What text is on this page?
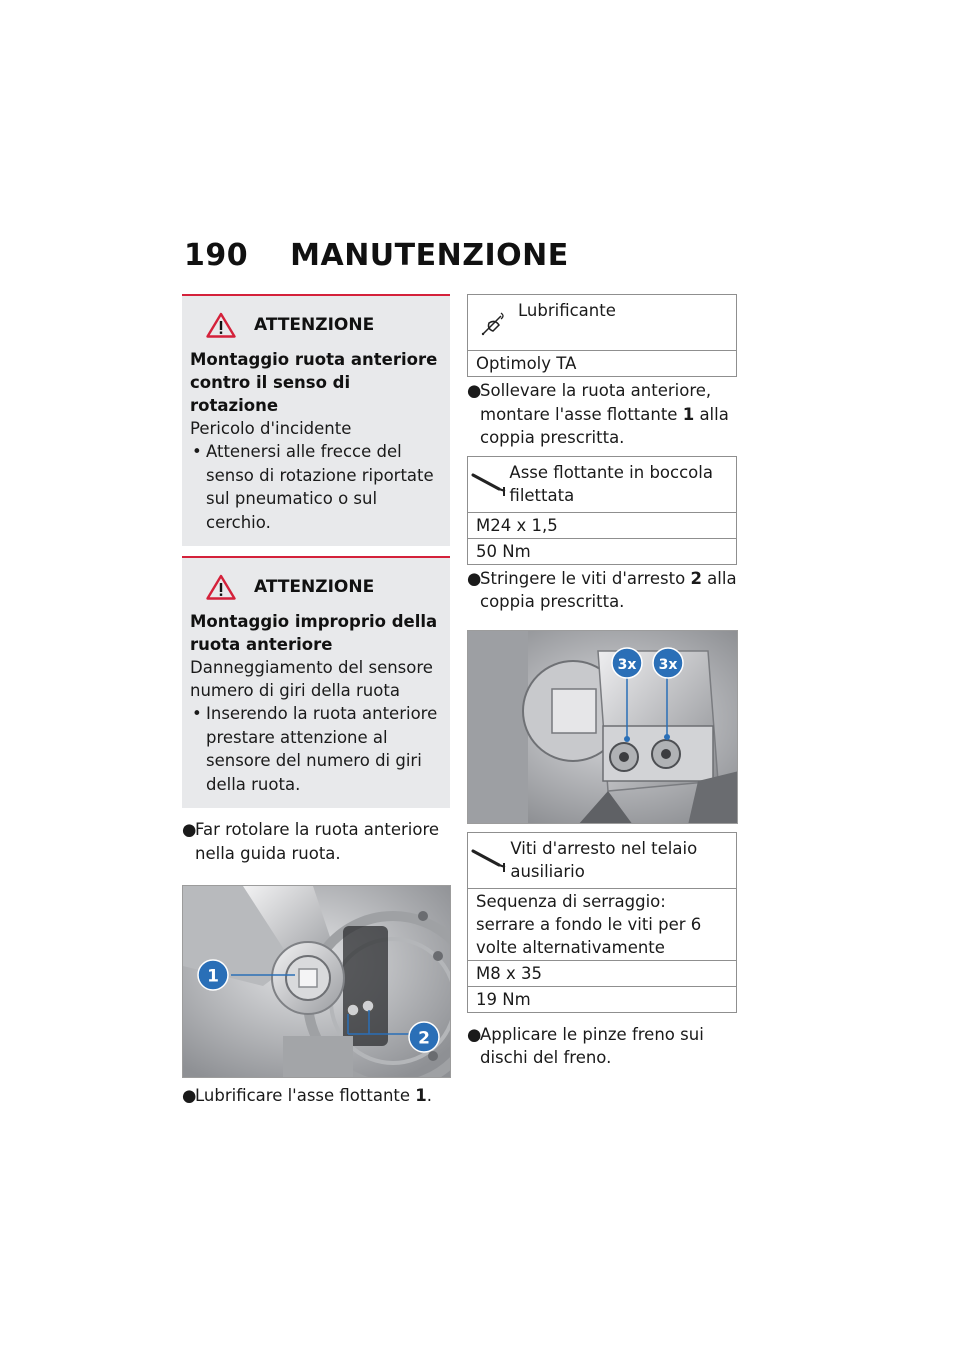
190 MANUTENZIONE
ATTENZIONE
Montaggio ruota anteriore contro il senso di rotazione
Pericolo d'incidente
• Attenersi alle frecce del senso di rotazione riportate sul pneumatico o sul cerchio.
ATTENZIONE
Montaggio improprio della ruota anteriore
Danneggiamento del sensore numero di giri della ruota
• Inserendo la ruota anteriore prestare attenzione al sensore del numero di giri della ruota.
●
Far rotolare la ruota anteriore nella guida ruota.
1
2
●
Lubrificare l'asse flottante 1.
Lubrificante
Optimoly TA
●
Sollevare la ruota anteriore, montare l'asse flottante 1 alla coppia prescritta.
Asse flottante in boccola filettata
M24 x 1,5
50 Nm
●
Stringere le viti d'arresto 2 alla coppia prescritta.
3x 3x
Viti d'arresto nel telaio ausiliario
Sequenza di serraggio: serrare a fondo le viti per 6 volte alternativamente
M8 x 35
19 Nm
●
Applicare le pinze freno sui dischi del freno.
